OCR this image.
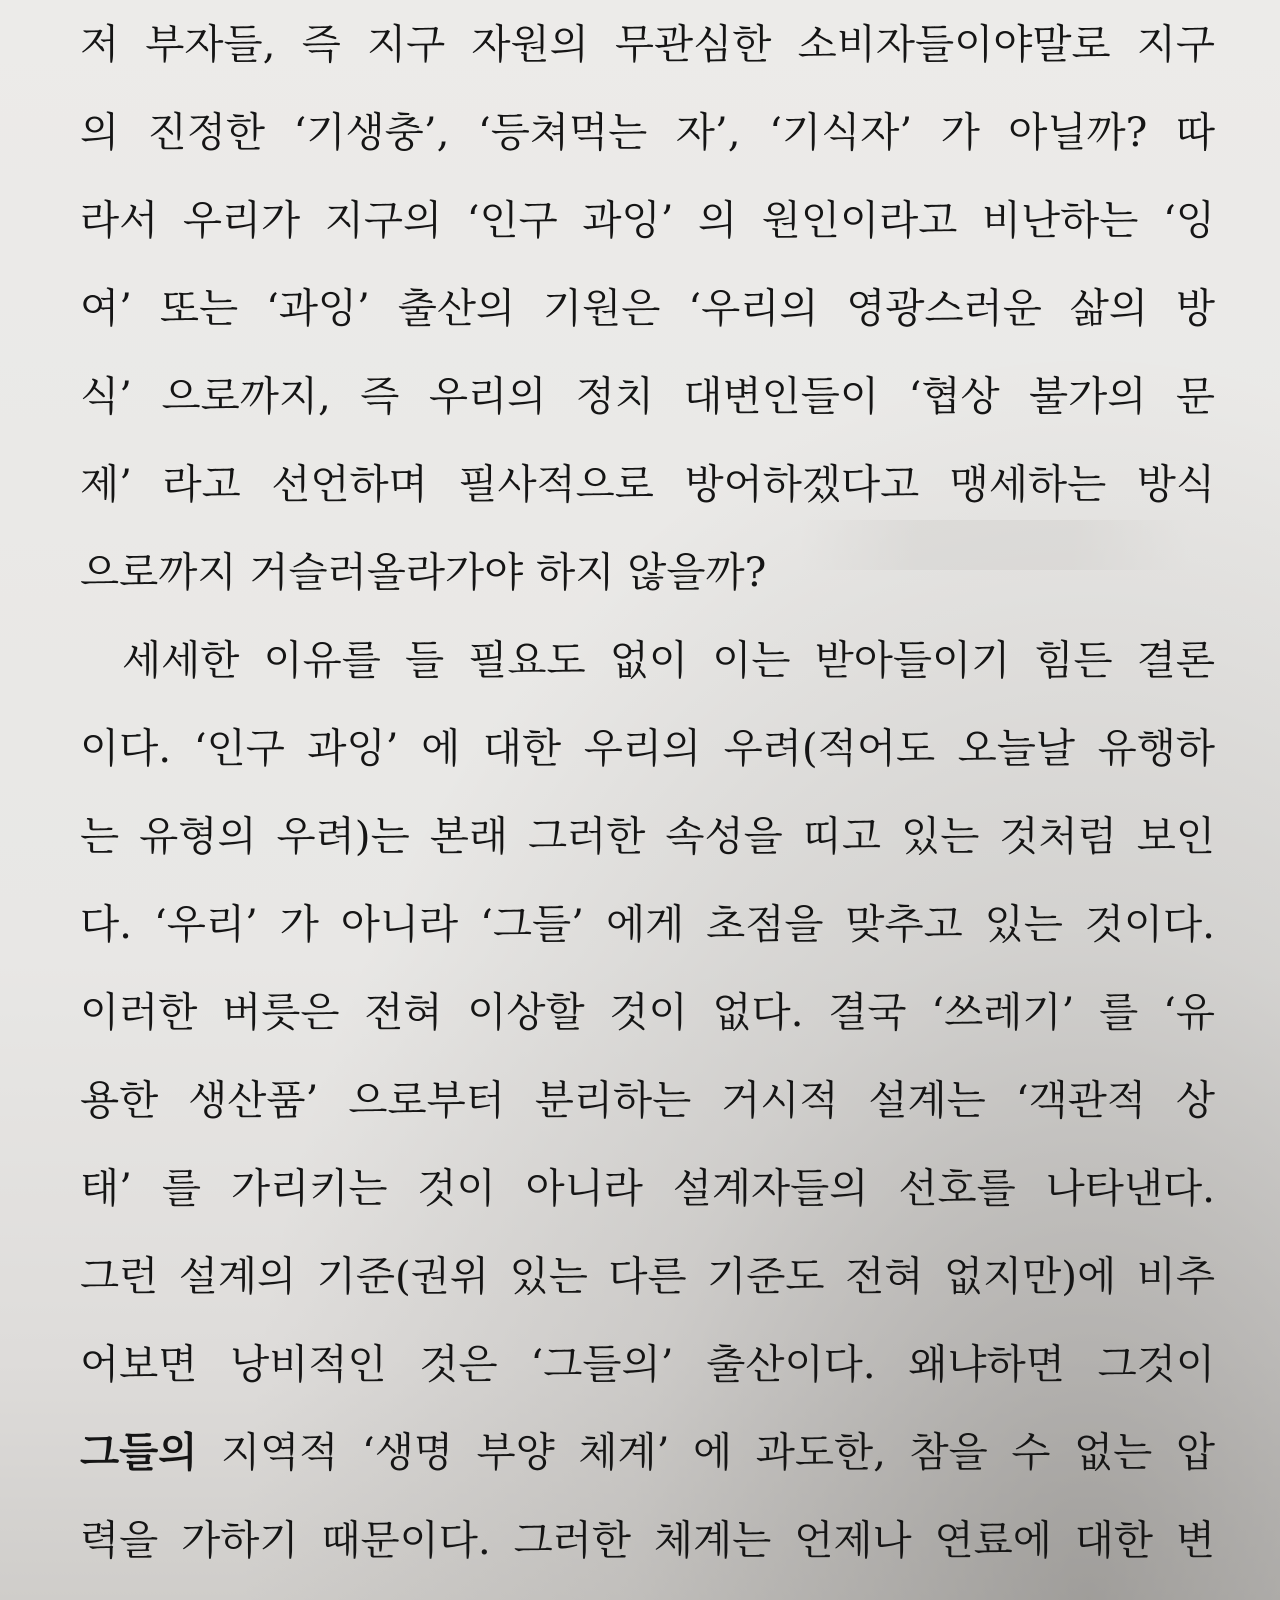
저 부자들, 즉 지구 자원의 무관심한 소비자들이야말로 지구
의 진정한 ‘기생충’, ‘등쳐먹는 자’, ‘기식자’ 가 아닐까? 따
라서 우리가 지구의 ‘인구 과잉’ 의 원인이라고 비난하는 ‘잉
여’ 또는 ‘과잉’ 출산의 기원은 ‘우리의 영광스러운 삶의 방
식’ 으로까지, 즉 우리의 정치 대변인들이 ‘협상 불가의 문
제’ 라고 선언하며 필사적으로 방어하겠다고 맹세하는 방식
으로까지 거슬러올라가야 하지 않을까?
세세한 이유를 들 필요도 없이 이는 받아들이기 힘든 결론
이다. ‘인구 과잉’ 에 대한 우리의 우려(적어도 오늘날 유행하
는 유형의 우려)는 본래 그러한 속성을 띠고 있는 것처럼 보인
다. ‘우리’ 가 아니라 ‘그들’ 에게 초점을 맞추고 있는 것이다.
이러한 버릇은 전혀 이상할 것이 없다. 결국 ‘쓰레기’ 를 ‘유
용한 생산품’ 으로부터 분리하는 거시적 설계는 ‘객관적 상
태’ 를 가리키는 것이 아니라 설계자들의 선호를 나타낸다.
그런 설계의 기준(권위 있는 다른 기준도 전혀 없지만)에 비추
어보면 낭비적인 것은 ‘그들의’ 출산이다. 왜냐하면 그것이
그들의 지역적 ‘생명 부양 체계’ 에 과도한, 참을 수 없는 압
력을 가하기 때문이다. 그러한 체계는 언제나 연료에 대한 변
